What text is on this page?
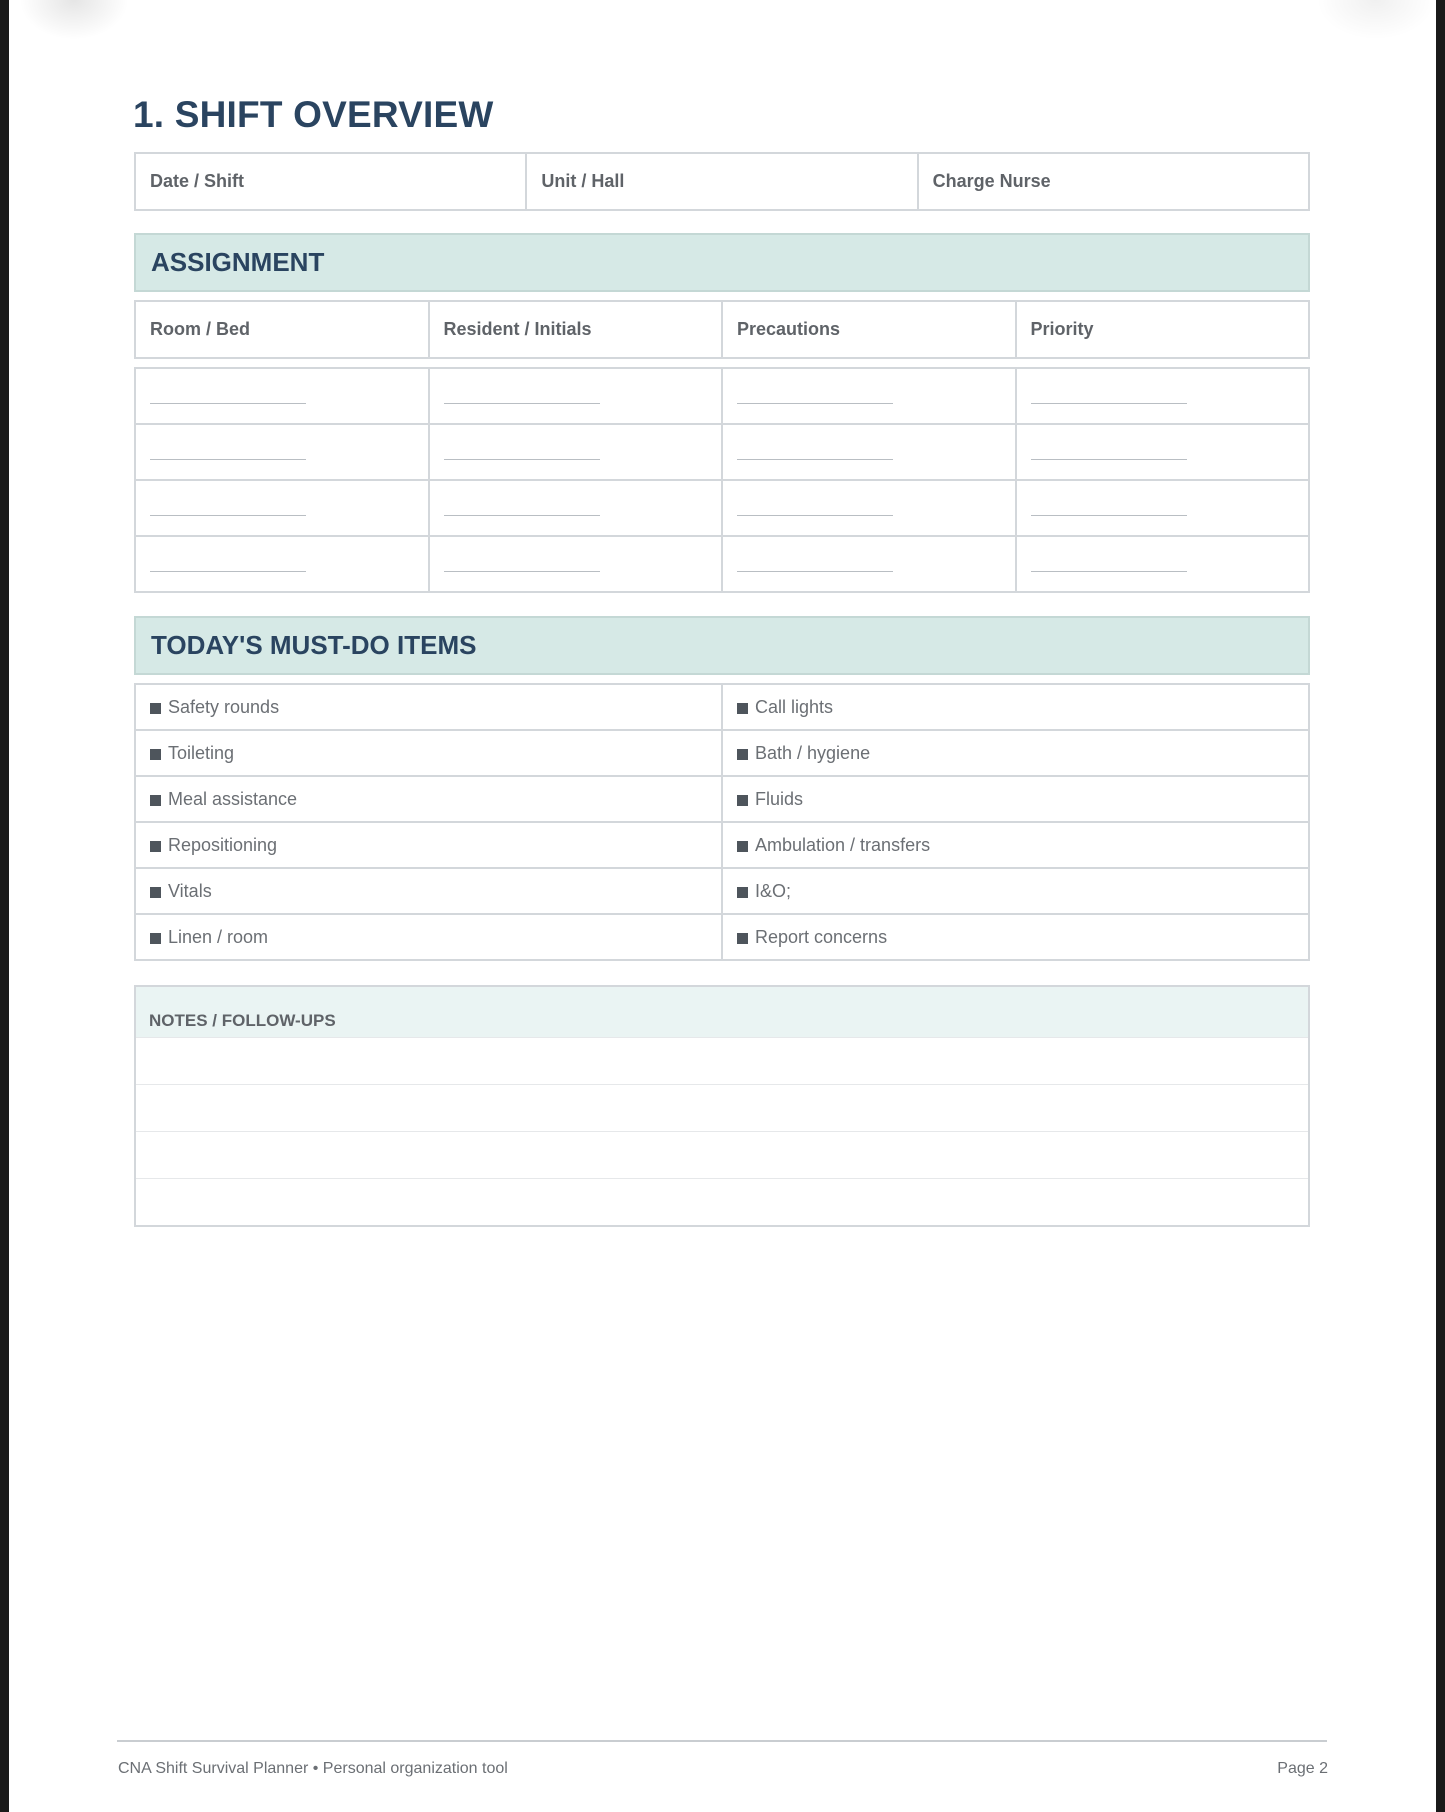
1. SHIFT OVERVIEW
Date / Shift	Unit / Hall	Charge Nurse
ASSIGNMENT
Room / Bed	Resident / Initials	Precautions	Priority

TODAY'S MUST-DO ITEMS
Safety rounds	Call lights
Toileting	Bath / hygiene
Meal assistance	Fluids
Repositioning	Ambulation / transfers
Vitals	I&O;
Linen / room	Report concerns
NOTES / FOLLOW-UPS
CNA Shift Survival Planner • Personal organization tool	Page 2
